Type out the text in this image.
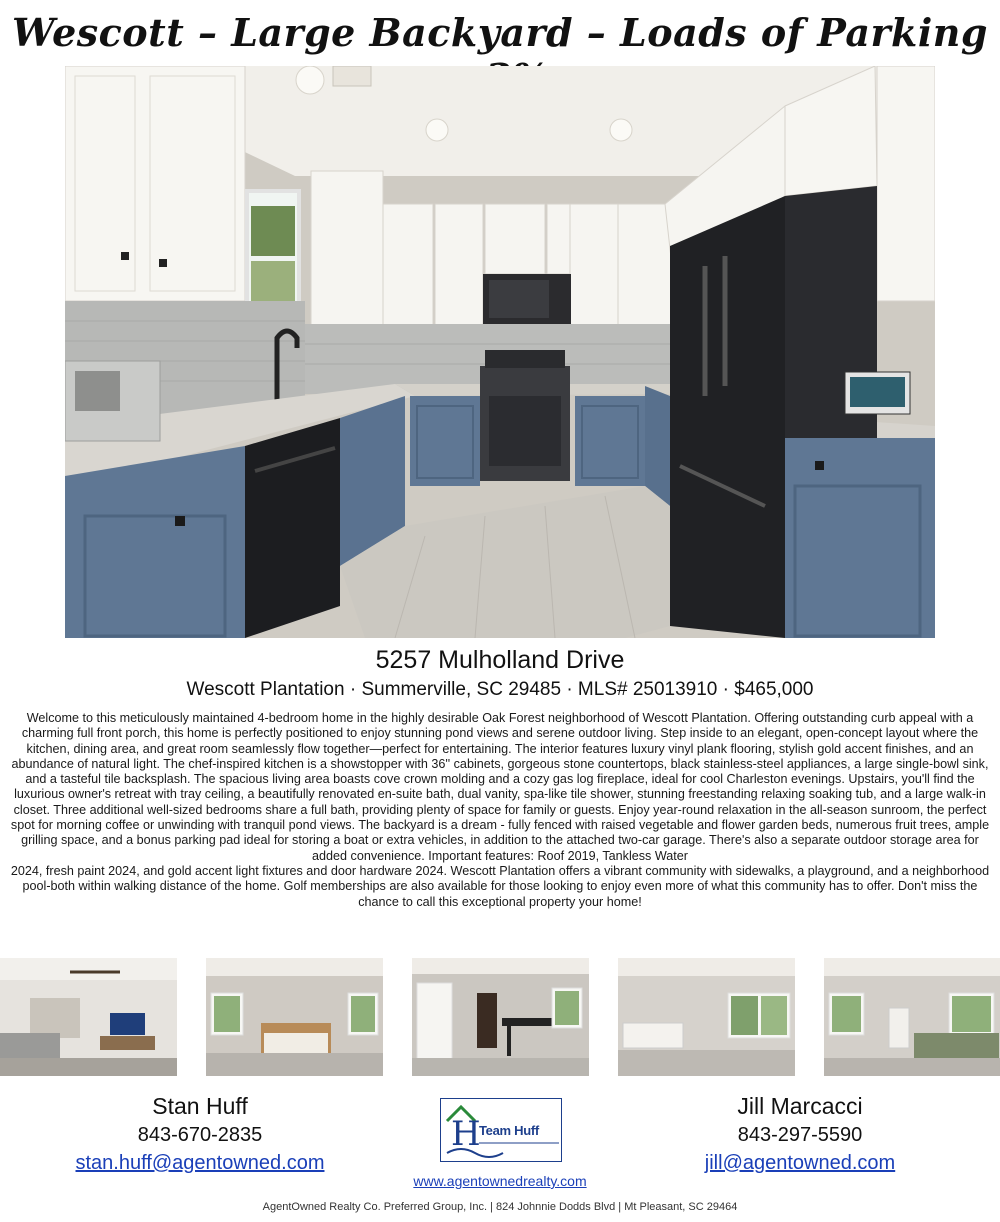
Wescott – Large Backyard – Loads of Parking
5257 Mulholland Drive
Wescott Plantation · Summerville, SC 29485 · MLS# 25013910 · $465,000

Welcome to this meticulously maintained 4-bedroom home in the highly desirable Oak Forest neighborhood of Wescott Plantation. Offering outstanding curb appeal with a charming full front porch, this home is perfectly positioned to enjoy stunning pond views and serene outdoor living. Step inside to an elegant, open-concept layout where the kitchen, dining area, and great room seamlessly flow together—perfect for entertaining. The interior features luxury vinyl plank flooring, stylish gold accent finishes, and an abundance of natural light. The chef-inspired kitchen is a showstopper with 36'' cabinets, gorgeous stone countertops, black stainless-steel appliances, a large single-bowl sink, and a tasteful tile backsplash. The spacious living area boasts cove crown molding and a cozy gas log fireplace, ideal for cool Charleston evenings. Upstairs, you'll find the luxurious owner's retreat with tray ceiling, a beautifully renovated en-suite bath, dual vanity, spa-like tile shower, stunning freestanding relaxing soaking tub, and a large walk-in closet. Three additional well-sized bedrooms share a full bath, providing plenty of space for family or guests. Enjoy year-round relaxation in the all-season sunroom, the perfect spot for morning coffee or unwinding with tranquil pond views. The backyard is a dream - fully fenced with raised vegetable and flower garden beds, numerous fruit trees, ample grilling space, and a bonus parking pad ideal for storing a boat or extra vehicles, in addition to the attached two-car garage. There's also a separate outdoor storage area for added convenience. Important features: Roof 2019, Tankless Water

2024, fresh paint 2024, and gold accent light fixtures and door hardware 2024. Wescott Plantation offers a vibrant community with sidewalks, a playground, and a neighborhood pool-both within walking distance of the home. Golf memberships are also available for those looking to enjoy even more of what this community has to offer. Don't miss the chance to call this exceptional property your home!

Stan Huff
843-670-2835
stan.huff@agentowned.com
H
Team Huff
Jill Marcacci
843-297-5590
jill@agentowned.com
www.agentownedrealty.com
AgentOwned Realty Co. Preferred Group, Inc. | 824 Johnnie Dodds Blvd | Mt Pleasant, SC 29464
